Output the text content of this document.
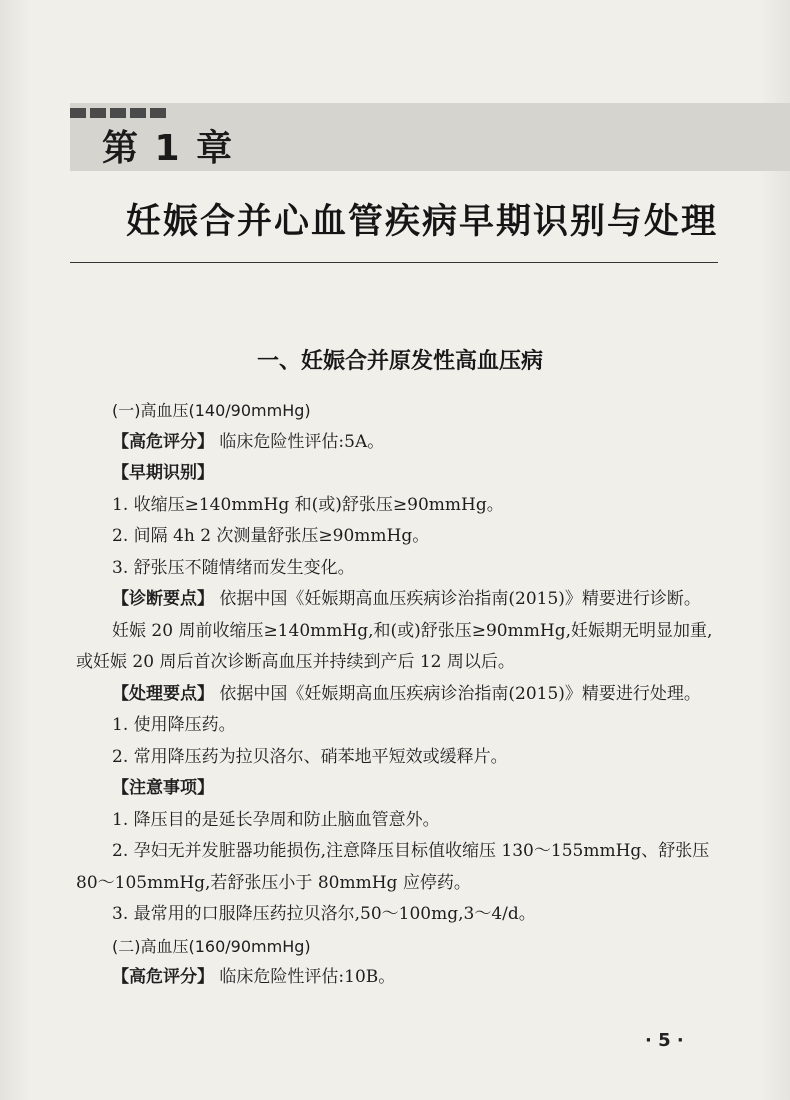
第 1 章
妊娠合并心血管疾病早期识别与处理
一、妊娠合并原发性高血压病

(一)高血压(140/90mmHg)

【高危评分】 临床危险性评估:5A。

【早期识别】

1. 收缩压≥140mmHg 和(或)舒张压≥90mmHg。

2. 间隔 4h 2 次测量舒张压≥90mmHg。

3. 舒张压不随情绪而发生变化。

【诊断要点】 依据中国《妊娠期高血压疾病诊治指南(2015)》精要进行诊断。

妊娠 20 周前收缩压≥140mmHg,和(或)舒张压≥90mmHg,妊娠期无明显加重,或妊娠 20 周后首次诊断高血压并持续到产后 12 周以后。

【处理要点】 依据中国《妊娠期高血压疾病诊治指南(2015)》精要进行处理。

1. 使用降压药。

2. 常用降压药为拉贝洛尔、硝苯地平短效或缓释片。

【注意事项】

1. 降压目的是延长孕周和防止脑血管意外。

2. 孕妇无并发脏器功能损伤,注意降压目标值收缩压 130～155mmHg、舒张压 80～105mmHg,若舒张压小于 80mmHg 应停药。

3. 最常用的口服降压药拉贝洛尔,50～100mg,3～4/d。

(二)高血压(160/90mmHg)

【高危评分】 临床危险性评估:10B。

· 5 ·
